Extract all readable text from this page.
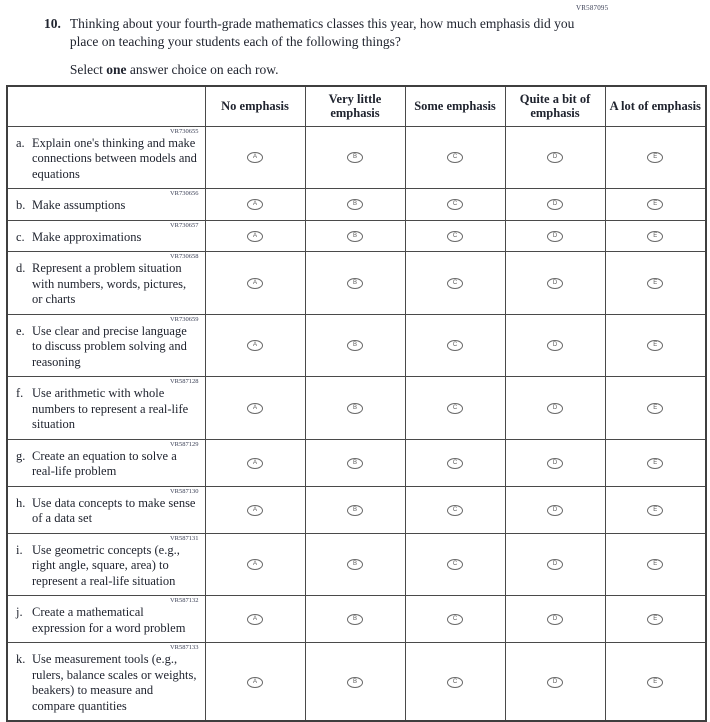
VR587095
10. Thinking about your fourth-grade mathematics classes this year, how much emphasis did you place on teaching your students each of the following things?

Select one answer choice on each row.

	No emphasis	Very little emphasis	Some emphasis	Quite a bit of emphasis	A lot of emphasis

VR730655
a. Explain one's thinking and make connections between models and equations	A	B	C	D	E

VR730656
b. Make assumptions	A	B	C	D	E

VR730657
c. Make approximations	A	B	C	D	E

VR730658
d. Represent a problem situation with numbers, words, pictures, or charts	A	B	C	D	E

VR730659
e. Use clear and precise language to discuss problem solving and reasoning	A	B	C	D	E

VR587128
f. Use arithmetic with whole numbers to represent a real-life situation	A	B	C	D	E

VR587129
g. Create an equation to solve a real-life problem	A	B	C	D	E

VR587130
h. Use data concepts to make sense of a data set	A	B	C	D	E

VR587131
i. Use geometric concepts (e.g., right angle, square, area) to represent a real-life situation	A	B	C	D	E

VR587132
j. Create a mathematical expression for a word problem	A	B	C	D	E

VR587133
k. Use measurement tools (e.g., rulers, balance scales or weights, beakers) to measure and compare quantities	A	B	C	D	E
